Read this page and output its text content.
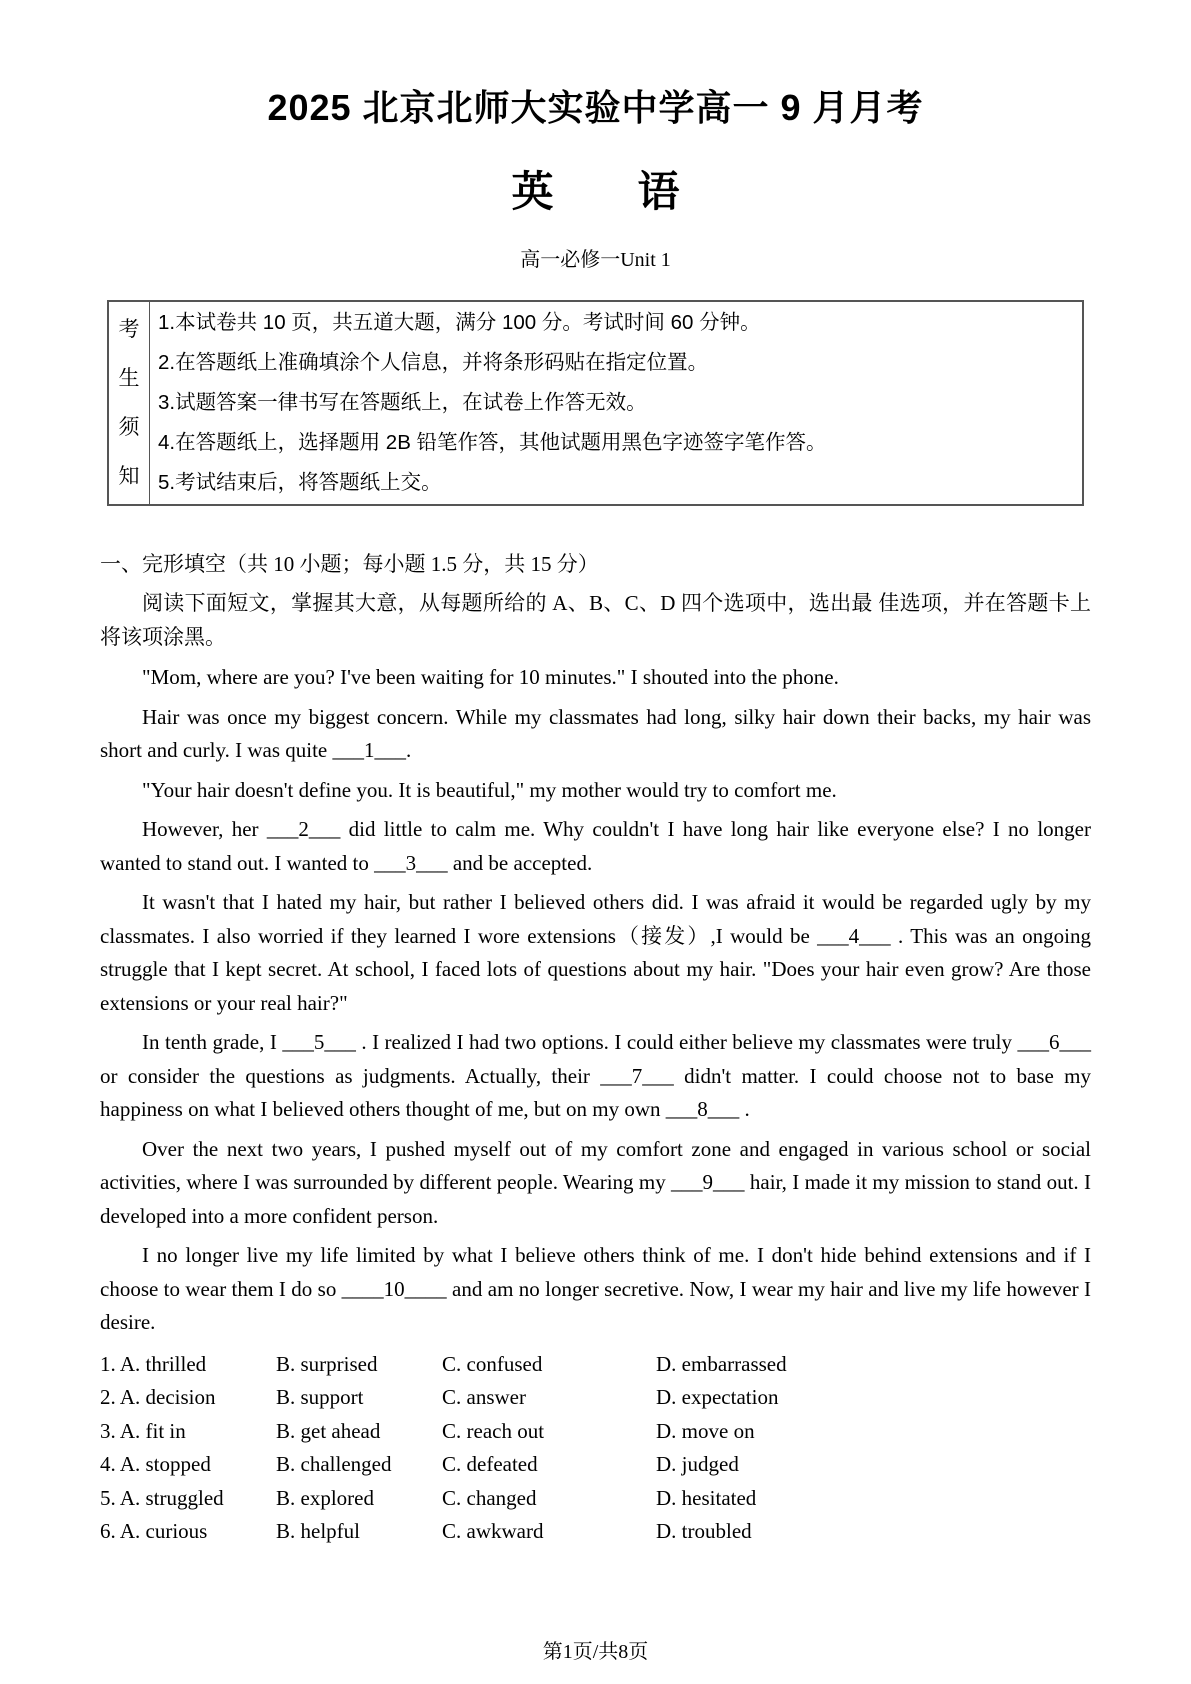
2025 北京北师大实验中学高一 9 月月考
英　　语
高一必修一Unit 1
考
生
须
知

1.本试卷共 10 页，共五道大题，满分 100 分。考试时间 60 分钟。

2.在答题纸上准确填涂个人信息，并将条形码贴在指定位置。

3.试题答案一律书写在答题纸上，在试卷上作答无效。

4.在答题纸上，选择题用 2B 铅笔作答，其他试题用黑色字迹签字笔作答。

5.考试结束后，将答题纸上交。

一、完形填空（共 10 小题；每小题 1.5 分，共 15 分）

阅读下面短文，掌握其大意，从每题所给的 A、B、C、D 四个选项中，选出最 佳选项，并在答题卡上将该项涂黑。

"Mom, where are you? I've been waiting for 10 minutes." I shouted into the phone.

Hair was once my biggest concern. While my classmates had long, silky hair down their backs, my hair was short and curly. I was quite ___1___.

"Your hair doesn't define you. It is beautiful," my mother would try to comfort me.

However, her ___2___ did little to calm me. Why couldn't I have long hair like everyone else? I no longer wanted to stand out. I wanted to ___3___ and be accepted.

It wasn't that I hated my hair, but rather I believed others did. I was afraid it would be regarded ugly by my classmates. I also worried if they learned I wore extensions（接发）,I would be ___4___ . This was an ongoing struggle that I kept secret. At school, I faced lots of questions about my hair. "Does your hair even grow? Are those extensions or your real hair?"

In tenth grade, I ___5___ . I realized I had two options. I could either believe my classmates were truly ___6___ or consider the questions as judgments. Actually, their ___7___ didn't matter. I could choose not to base my happiness on what I believed others thought of me, but on my own ___8___ .

Over the next two years, I pushed myself out of my comfort zone and engaged in various school or social activities, where I was surrounded by different people. Wearing my ___9___ hair, I made it my mission to stand out. I developed into a more confident person.

I no longer live my life limited by what I believe others think of me. I don't hide behind extensions and if I choose to wear them I do so ____10____ and am no longer secretive. Now, I wear my hair and live my life however I desire.

1. A. thrilled	B. surprised	C. confused	D. embarrassed
2. A. decision	B. support	C. answer	D. expectation
3. A. fit in	B. get ahead	C. reach out	D. move on
4. A. stopped	B. challenged	C. defeated	D. judged
5. A. struggled	B. explored	C. changed	D. hesitated
6. A. curious	B. helpful	C. awkward	D. troubled
第1页/共8页
